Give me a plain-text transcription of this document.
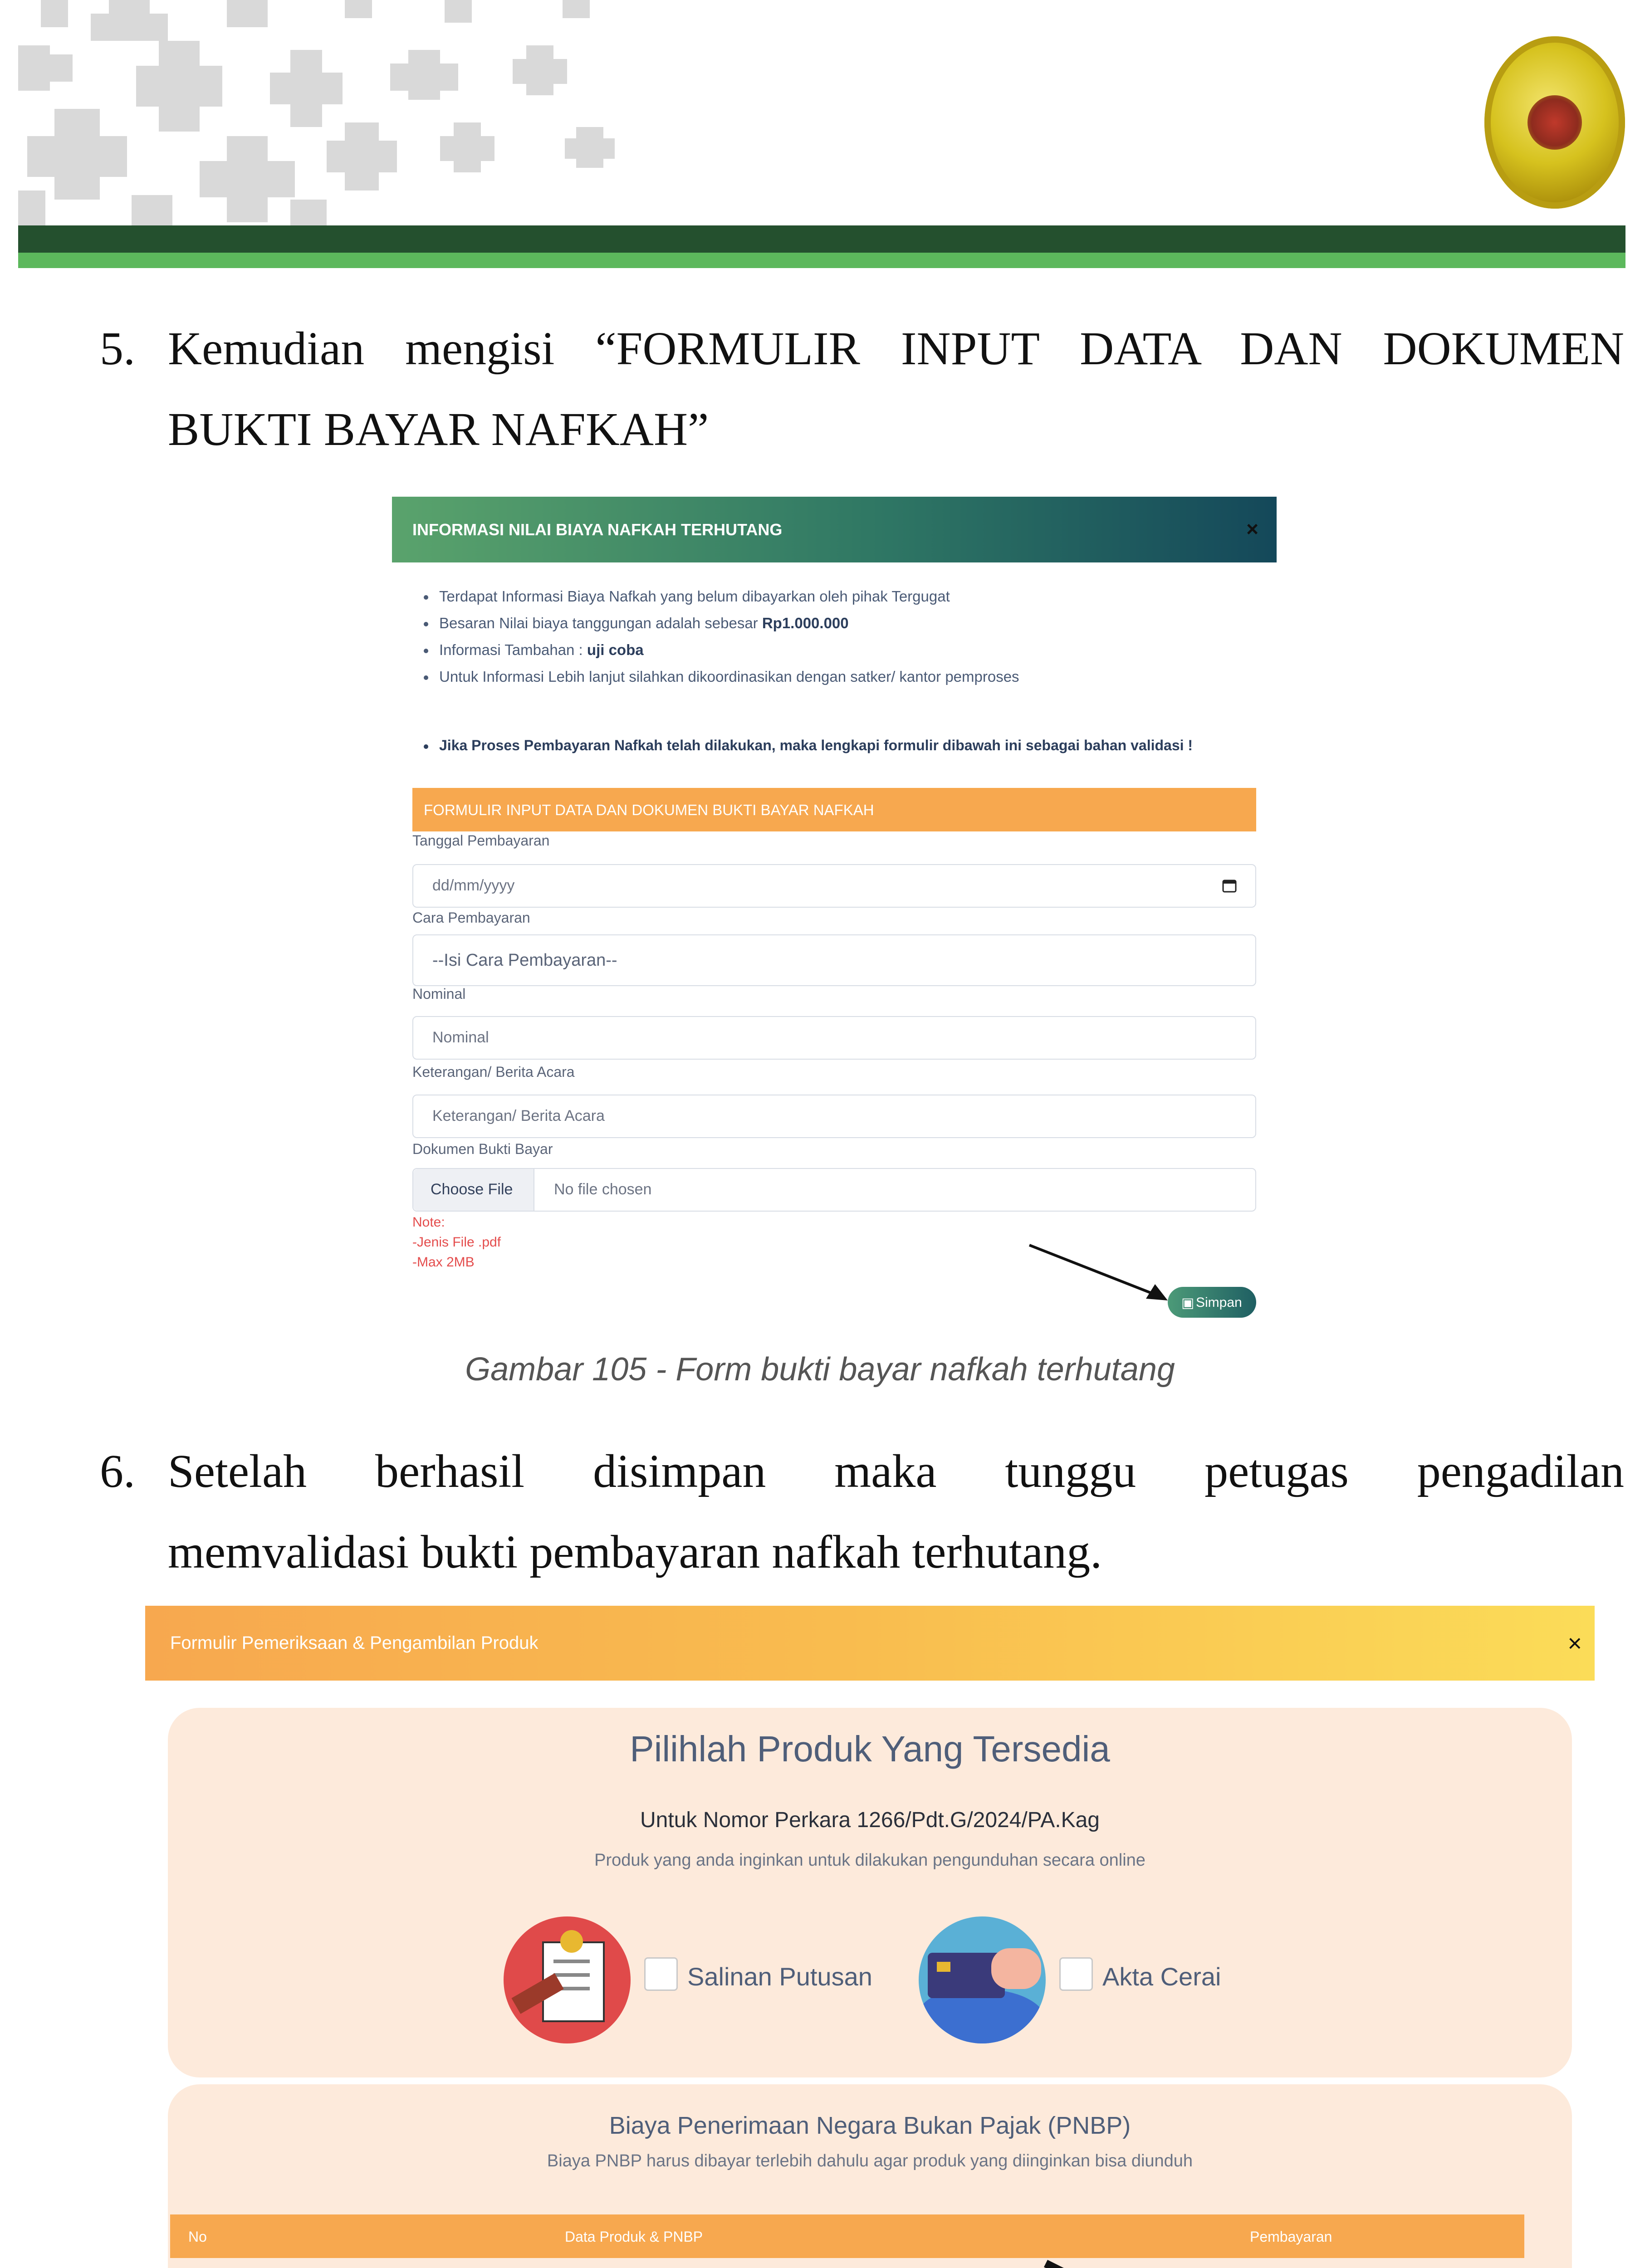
5. Kemudian mengisi “FORMULIR INPUT DATA DAN DOKUMEN
BUKTI BAYAR NAFKAH”
INFORMASI NILAI BIAYA NAFKAH TERHUTANG	×
Terdapat Informasi Biaya Nafkah yang belum dibayarkan oleh pihak Tergugat
Besaran Nilai biaya tanggungan adalah sebesar Rp1.000.000
Informasi Tambahan : uji coba
Untuk Informasi Lebih lanjut silahkan dikoordinasikan dengan satker/ kantor pemproses
Jika Proses Pembayaran Nafkah telah dilakukan, maka lengkapi formulir dibawah ini sebagai bahan validasi !
FORMULIR INPUT DATA DAN DOKUMEN BUKTI BAYAR NAFKAH
Tanggal Pembayaran
dd/mm/yyyy
Cara Pembayaran
--Isi Cara Pembayaran--
Nominal
Nominal
Keterangan/ Berita Acara
Keterangan/ Berita Acara
Dokumen Bukti Bayar
Choose File	No file chosen
Note:
-Jenis File .pdf
-Max 2MB
▣ Simpan
Gambar 105 - Form bukti bayar nafkah terhutang
6. Setelah berhasil disimpan maka tunggu petugas pengadilan
memvalidasi bukti pembayaran nafkah terhutang.
Formulir Pemeriksaan & Pengambilan Produk	×
Pilihlah Produk Yang Tersedia
Untuk Nomor Perkara 1266/Pdt.G/2024/PA.Kag
Produk yang anda inginkan untuk dilakukan pengunduhan secara online
Salinan Putusan	Akta Cerai
Biaya Penerimaan Negara Bukan Pajak (PNBP)
Biaya PNBP harus dibayar terlebih dahulu agar produk yang diinginkan bisa diunduh
No	Data Produk & PNBP	Pembayaran
